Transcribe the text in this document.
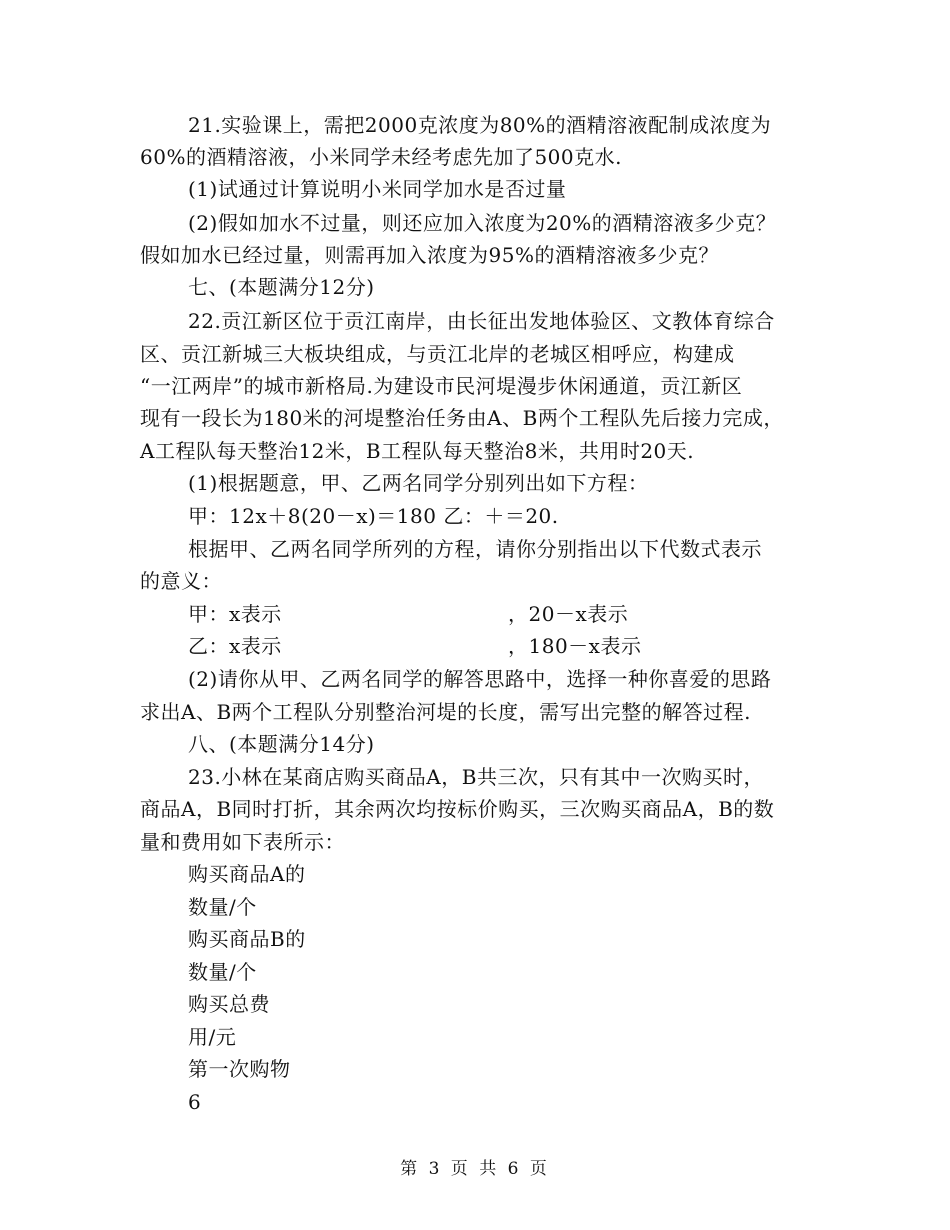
21.实验课上，需把2000克浓度为80%的酒精溶液配制成浓度为
60%的酒精溶液，小米同学未经考虑先加了500克水.
(1)试通过计算说明小米同学加水是否过量
(2)假如加水不过量，则还应加入浓度为20%的酒精溶液多少克？
假如加水已经过量，则需再加入浓度为95%的酒精溶液多少克？
七、(本题满分12分)
22.贡江新区位于贡江南岸，由长征出发地体验区、文教体育综合
区、贡江新城三大板块组成，与贡江北岸的老城区相呼应，构建成
“一江两岸”的城市新格局.为建设市民河堤漫步休闲通道，贡江新区
现有一段长为180米的河堤整治任务由A、B两个工程队先后接力完成，
A工程队每天整治12米，B工程队每天整治8米，共用时20天.
(1)根据题意，甲、乙两名同学分别列出如下方程：
甲：12x＋8(20－x)＝180 乙：＋＝20.
根据甲、乙两名同学所列的方程，请你分别指出以下代数式表示
的意义：
甲：x表示	，20－x表示
乙：x表示	，180－x表示
(2)请你从甲、乙两名同学的解答思路中，选择一种你喜爱的思路
求出A、B两个工程队分别整治河堤的长度，需写出完整的解答过程.
八、(本题满分14分)
23.小林在某商店购买商品A，B共三次，只有其中一次购买时，
商品A，B同时打折，其余两次均按标价购买，三次购买商品A，B的数
量和费用如下表所示：
购买商品A的
数量/个
购买商品B的
数量/个
购买总费
用/元
第一次购物
6
第 3 页 共 6 页
